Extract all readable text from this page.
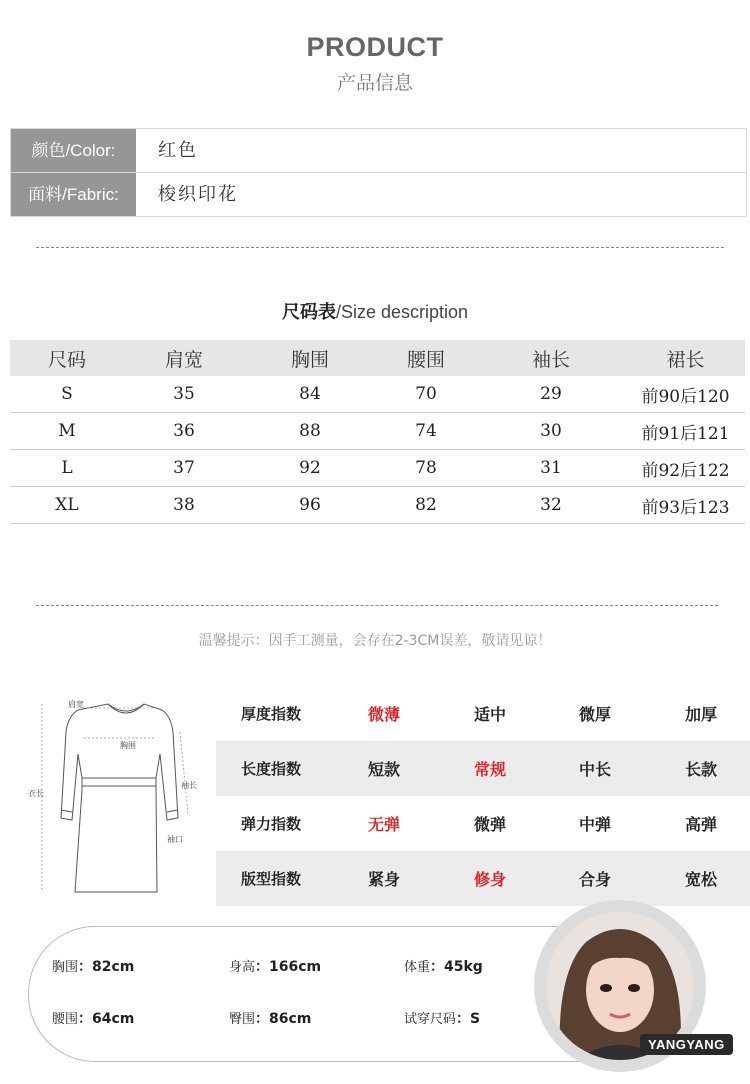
PRODUCT
产品信息
颜色/Color:	红色
面料/Fabric:	梭织印花
尺码表/Size description
尺码	肩宽	胸围	腰围	袖长	裙长
S	35	84	70	29	前90后120
M	36	88	74	30	前91后121
L	37	92	78	31	前92后122
XL	38	96	82	32	前93后123
温馨提示：因手工测量，会存在2-3CM误差，敬请见谅！
肩宽
胸围
衣长
袖长
袖口
厚度指数	微薄	适中	微厚	加厚
长度指数	短款	常规	中长	长款
弹力指数	无弹	微弹	中弹	高弹
版型指数	紧身	修身	合身	宽松
胸围：82cm	身高：166cm	体重：45kg
腰围：64cm	臀围：86cm	试穿尺码：S
YANGYANG
